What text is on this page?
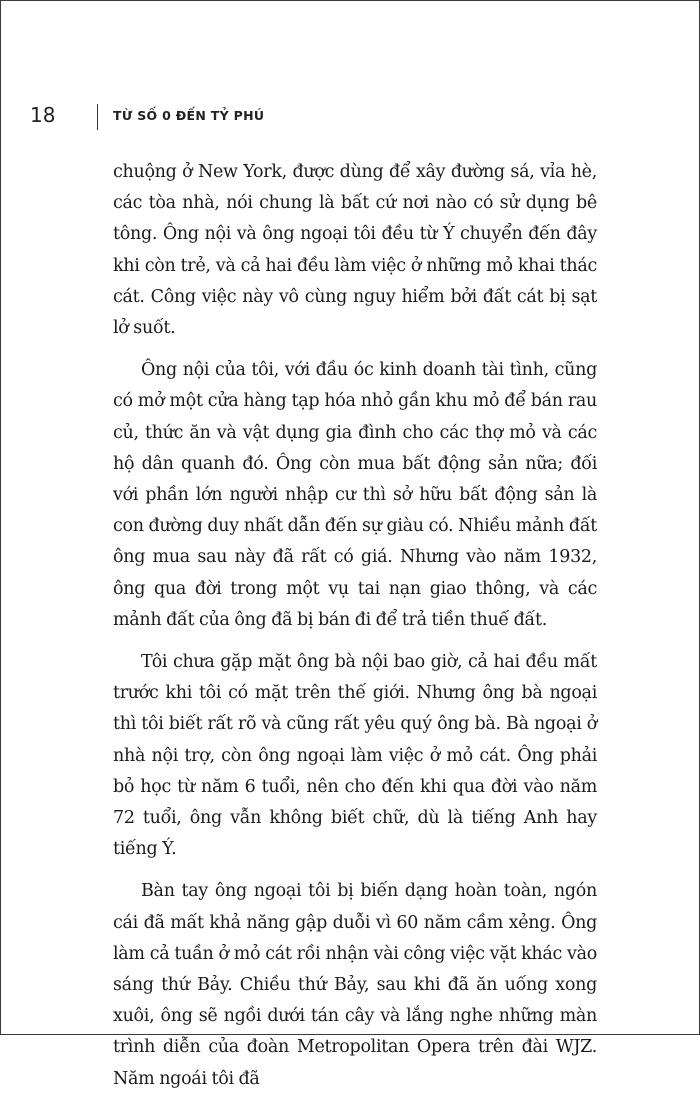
18	TỪ SỐ 0 ĐẾN TỶ PHÚ

chuộng ở New York, được dùng để xây đường sá, vỉa hè, các tòa nhà, nói chung là bất cứ nơi nào có sử dụng bê tông. Ông nội và ông ngoại tôi đều từ Ý chuyển đến đây khi còn trẻ, và cả hai đều làm việc ở những mỏ khai thác cát. Công việc này vô cùng nguy hiểm bởi đất cát bị sạt lở suốt.

Ông nội của tôi, với đầu óc kinh doanh tài tình, cũng có mở một cửa hàng tạp hóa nhỏ gần khu mỏ để bán rau củ, thức ăn và vật dụng gia đình cho các thợ mỏ và các hộ dân quanh đó. Ông còn mua bất động sản nữa; đối với phần lớn người nhập cư thì sở hữu bất động sản là con đường duy nhất dẫn đến sự giàu có. Nhiều mảnh đất ông mua sau này đã rất có giá. Nhưng vào năm 1932, ông qua đời trong một vụ tai nạn giao thông, và các mảnh đất của ông đã bị bán đi để trả tiền thuế đất.

Tôi chưa gặp mặt ông bà nội bao giờ, cả hai đều mất trước khi tôi có mặt trên thế giới. Nhưng ông bà ngoại thì tôi biết rất rõ và cũng rất yêu quý ông bà. Bà ngoại ở nhà nội trợ, còn ông ngoại làm việc ở mỏ cát. Ông phải bỏ học từ năm 6 tuổi, nên cho đến khi qua đời vào năm 72 tuổi, ông vẫn không biết chữ, dù là tiếng Anh hay tiếng Ý.

Bàn tay ông ngoại tôi bị biến dạng hoàn toàn, ngón cái đã mất khả năng gập duỗi vì 60 năm cầm xẻng. Ông làm cả tuần ở mỏ cát rồi nhận vài công việc vặt khác vào sáng thứ Bảy. Chiều thứ Bảy, sau khi đã ăn uống xong xuôi, ông sẽ ngồi dưới tán cây và lắng nghe những màn trình diễn của đoàn Metropolitan Opera trên đài WJZ. Năm ngoái tôi đã
